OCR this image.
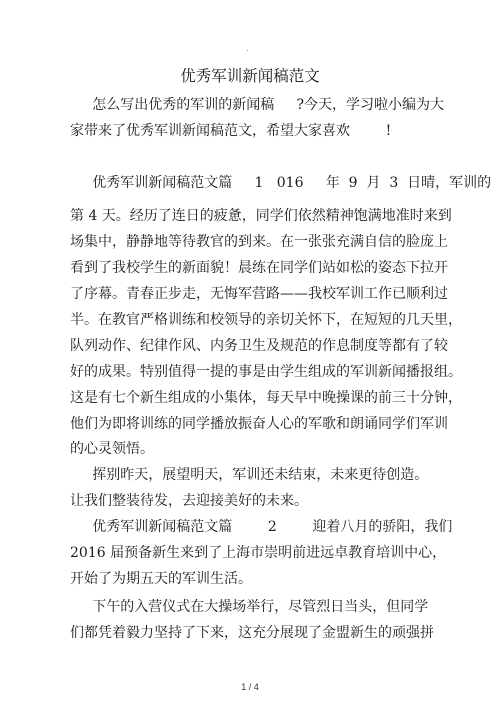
.
优秀军训新闻稿范文
怎么写出优秀的军训的新闻稿     ?今天，学习啦小编为大
家带来了优秀军训新闻稿范文，希望大家喜欢        !
优秀军训新闻稿范文篇     1   016     年  9  月  3  日晴，军训的
第 4 天。经历了连日的疲惫，同学们依然精神饱满地准时来到
场集中，静静地等待教官的到来。在一张张充满自信的脸庞上
看到了我校学生的新面貌！晨练在同学们站如松的姿态下拉开
了序幕。青春正步走，无悔军营路——我校军训工作已顺利过
半。在教官严格训练和校领导的亲切关怀下，在短短的几天里，
队列动作、纪律作风、内务卫生及规范的作息制度等都有了较
好的成果。特别值得一提的事是由学生组成的军训新闻播报组。
这是有七个新生组成的小集体，每天早中晚操课的前三十分钟，
他们为即将训练的同学播放振奋人心的军歌和朗诵同学们军训
的心灵领悟。
挥别昨天，展望明天，军训还未结束，未来更待创造。
让我们整装待发，去迎接美好的未来。
优秀军训新闻稿范文篇        2        迎着八月的骄阳，我们
2016 届预备新生来到了上海市崇明前进远卓教育培训中心，
开始了为期五天的军训生活。
下午的入营仪式在大操场举行，尽管烈日当头，但同学
们都凭着毅力坚持了下来，这充分展现了金盟新生的顽强拼
1 / 4
